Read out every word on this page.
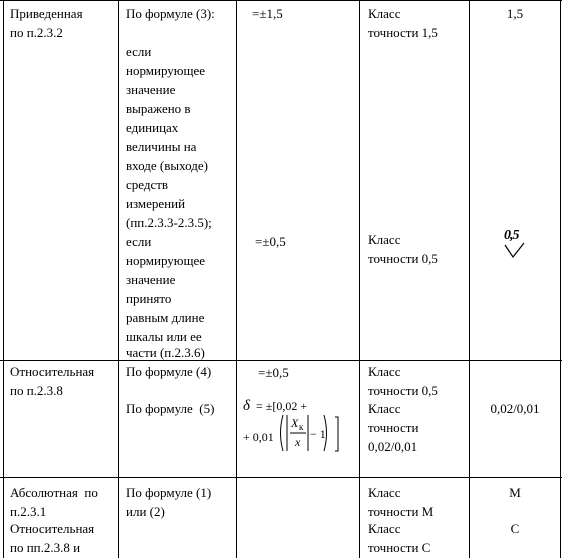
Приведенная
по п.2.3.2
По формуле (3):
если
нормирующее
значение
выражено в
единицах
величины на
входе (выходе)
средств
измерений
(пп.2.3.3-2.3.5);
если
нормирующее
значение
принято
равным длине
шкалы или ее
части (п.2.3.6)
=±1,5
=±0,5
Класс
точности 1,5
Класс
точности 0,5
1,5
0,5
Относительная
по п.2.3.8
По формуле (4)
По формуле  (5)
=±0,5
δ = ±[0,02 +
+ 0,01
X к
x
− 1
Класс
точности 0,5
Класс
точности
0,02/0,01
0,02/0,01
Абсолютная  по
п.2.3.1
Относительная
по пп.2.3.8 и
По формуле (1)
или (2)
Класс
точности М
Класс
точности С
М
С
